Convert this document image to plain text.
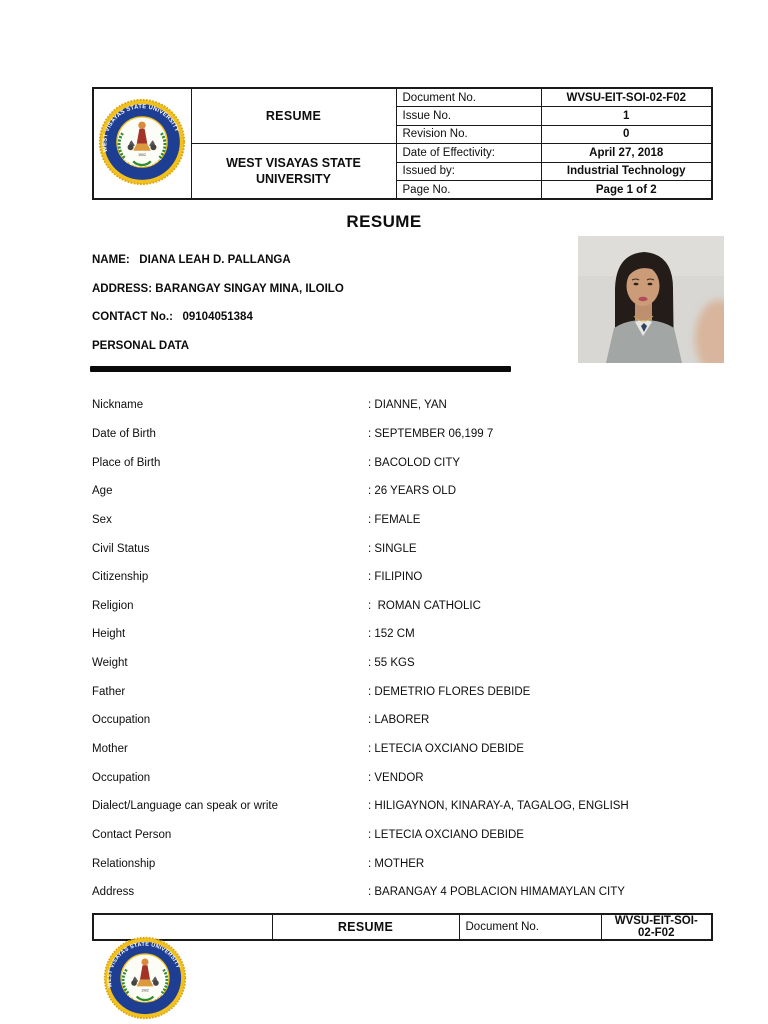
	RESUME	Document No.	WVSU-EIT-SOI-02-F02
		Issue No.	1
		Revision No.	0
	WEST VISAYAS STATE UNIVERSITY	Date of Effectivity:	April 27, 2018
		Issued by:	Industrial Technology
		Page No.	Page 1 of 2
RESUME
NAME:   DIANA LEAH D. PALLANGA
ADDRESS: BARANGAY SINGAY MINA, ILOILO
CONTACT No.:   09104051384
PERSONAL DATA
Nickname	: DIANNE, YAN
Date of Birth	: SEPTEMBER 06,199 7
Place of Birth	: BACOLOD CITY
Age	: 26 YEARS OLD
Sex	: FEMALE
Civil Status	: SINGLE
Citizenship	: FILIPINO
Religion	:  ROMAN CATHOLIC
Height	: 152 CM
Weight	: 55 KGS
Father	: DEMETRIO FLORES DEBIDE
Occupation	: LABORER
Mother	: LETECIA OXCIANO DEBIDE
Occupation	: VENDOR
Dialect/Language can speak or write	: HILIGAYNON, KINARAY-A, TAGALOG, ENGLISH
Contact Person	: LETECIA OXCIANO DEBIDE
Relationship	: MOTHER
Address	: BARANGAY 4 POBLACION HIMAMAYLAN CITY
	RESUME	Document No.	WVSU-EIT-SOI-02-F02
